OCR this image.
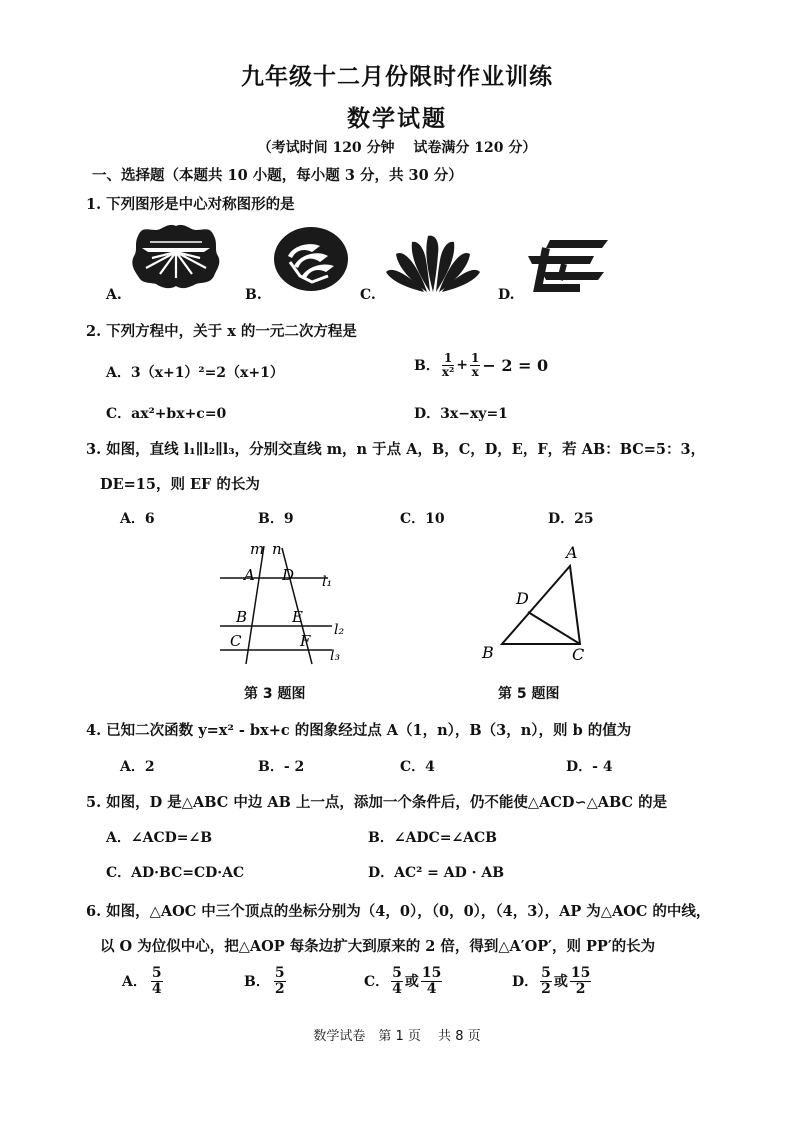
九年级十二月份限时作业训练
数学试题
（考试时间 120 分钟　 试卷满分 120 分）
一、选择题（本题共 10 小题，每小题 3 分，共 30 分）
1. 下列图形是中心对称图形的是
A.	B.	C.	D.
2. 下列方程中，关于 x 的一元二次方程是
A．3（x+1）²=2（x+1）	B． $\frac{1}{\text{x²}} + \frac{1}{x} - 2 = 0$
C．ax²+bx+c=0	D．3x−xy=1
3. 如图，直线 l₁∥l₂∥l₃，分别交直线 m，n 于点 A，B，C，D，E，F，若 AB：BC=5：3，
DE=15，则 EF 的长为
A．6	B．9	C．10	D．25
m n
A D l₁
B	E
l₂
C	F
l₃
第 3 题图
A
D
B	C
第 5 题图
4. 已知二次函数 y=x² - bx+c 的图象经过点 A（1，n），B（3，n），则 b 的值为
A．2	B．- 2	C．4	D．- 4
5. 如图，D 是△ABC 中边 AB 上一点，添加一个条件后，仍不能使△ACD∽△ABC 的是
A．∠ACD=∠B	B．∠ADC=∠ACB
C．AD·BC=CD·AC	D．AC² = AD · AB
6. 如图，△AOC 中三个顶点的坐标分别为（4，0），（0，0），（4，3），AP 为△AOC 的中线，
以 O 为位似中心，把△AOP 每条边扩大到原来的 2 倍，得到△A′OP′，则 PP′的长为
A． $\frac{5}{4}$	B． $\frac{5}{2}$	C． $\frac{5}{4}$ 或 $\frac{15}{4}$	D． $\frac{5}{2}$ 或 $\frac{15}{2}$
数学试卷　第 1 页　 共 8 页
